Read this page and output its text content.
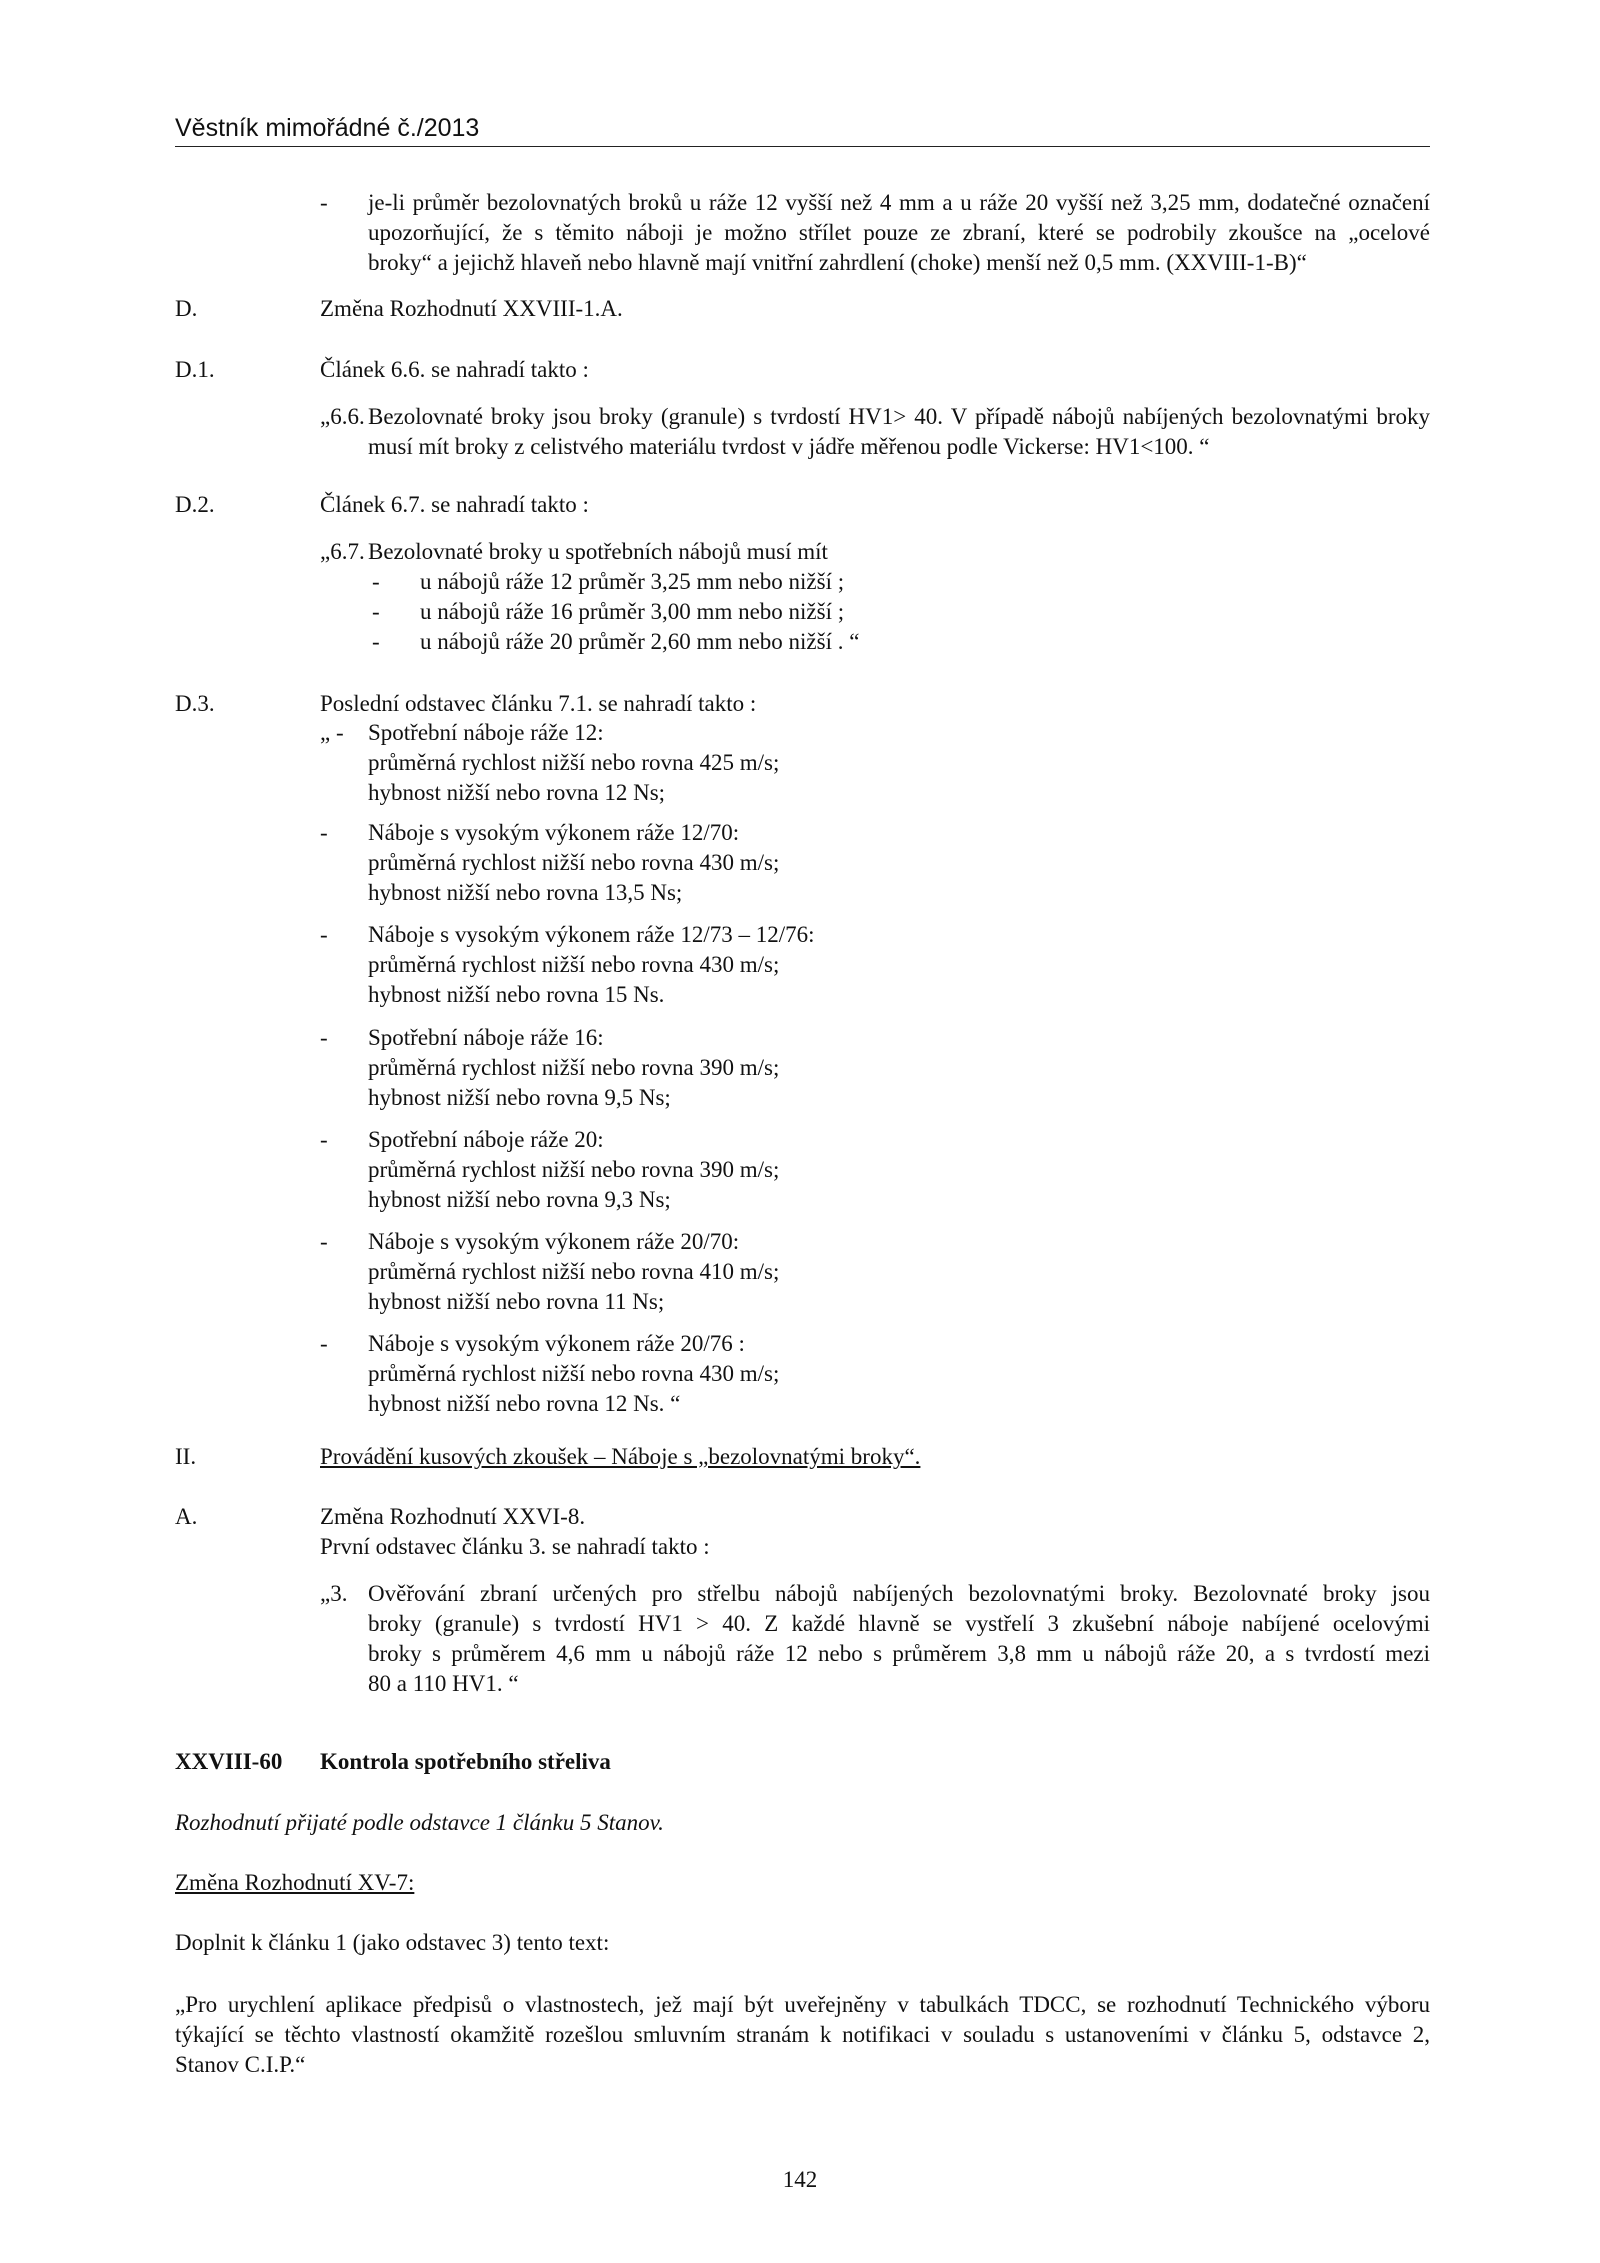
Věstník mimořádné č./2013
- je-li průměr bezolovnatých broků u ráže 12 vyšší než 4 mm a u ráže 20 vyšší než 3,25 mm, dodatečné označení
upozorňující, že s těmito náboji je možno střílet pouze ze zbraní, které se podrobily zkoušce na „ocelové
broky“ a jejichž hlaveň nebo hlavně mají vnitřní zahrdlení (choke) menší než 0,5 mm. (XXVIII-1-B)“
D.	Změna Rozhodnutí XXVIII-1.A.
D.1.	Článek 6.6. se nahradí takto :
„6.6. Bezolovnaté broky jsou broky (granule) s tvrdostí HV1> 40. V případě nábojů nabíjených bezolovnatými broky
musí mít broky z celistvého materiálu tvrdost v jádře měřenou podle Vickerse: HV1<100. “
D.2.	Článek 6.7. se nahradí takto :
„6.7. Bezolovnaté broky u spotřebních nábojů musí mít
- u nábojů ráže 12 průměr 3,25 mm nebo nižší ;
- u nábojů ráže 16 průměr 3,00 mm nebo nižší ;
- u nábojů ráže 20 průměr 2,60 mm nebo nižší . “
D.3.	Poslední odstavec článku 7.1. se nahradí takto :
„ - Spotřební náboje ráže 12:
průměrná rychlost nižší nebo rovna 425 m/s;
hybnost nižší nebo rovna 12 Ns;
- Náboje s vysokým výkonem ráže 12/70:
průměrná rychlost nižší nebo rovna 430 m/s;
hybnost nižší nebo rovna 13,5 Ns;
- Náboje s vysokým výkonem ráže 12/73 – 12/76:
průměrná rychlost nižší nebo rovna 430 m/s;
hybnost nižší nebo rovna 15 Ns.
- Spotřební náboje ráže 16:
průměrná rychlost nižší nebo rovna 390 m/s;
hybnost nižší nebo rovna 9,5 Ns;
- Spotřební náboje ráže 20:
průměrná rychlost nižší nebo rovna 390 m/s;
hybnost nižší nebo rovna 9,3 Ns;
- Náboje s vysokým výkonem ráže 20/70:
průměrná rychlost nižší nebo rovna 410 m/s;
hybnost nižší nebo rovna 11 Ns;
- Náboje s vysokým výkonem ráže 20/76 :
průměrná rychlost nižší nebo rovna 430 m/s;
hybnost nižší nebo rovna 12 Ns. “
II.	Provádění kusových zkoušek – Náboje s „bezolovnatými broky“.
A.	Změna Rozhodnutí XXVI-8.
První odstavec článku 3. se nahradí takto :
„3. Ověřování zbraní určených pro střelbu nábojů nabíjených bezolovnatými broky. Bezolovnaté broky jsou
broky (granule) s tvrdostí HV1 > 40. Z každé hlavně se vystřelí 3 zkušební náboje nabíjené ocelovými
broky s průměrem 4,6 mm u nábojů ráže 12 nebo s průměrem 3,8 mm u nábojů ráže 20, a s tvrdostí mezi
80 a 110 HV1. “
XXVIII-60 Kontrola spotřebního střeliva
Rozhodnutí přijaté podle odstavce 1 článku 5 Stanov.
Změna Rozhodnutí XV-7:
Doplnit k článku 1 (jako odstavec 3) tento text:
„Pro urychlení aplikace předpisů o vlastnostech, jež mají být uveřejněny v tabulkách TDCC, se rozhodnutí Technického výboru
týkající se těchto vlastností okamžitě rozešlou smluvním stranám k notifikaci v souladu s ustanoveními v článku 5, odstavce 2,
Stanov C.I.P.“
142
